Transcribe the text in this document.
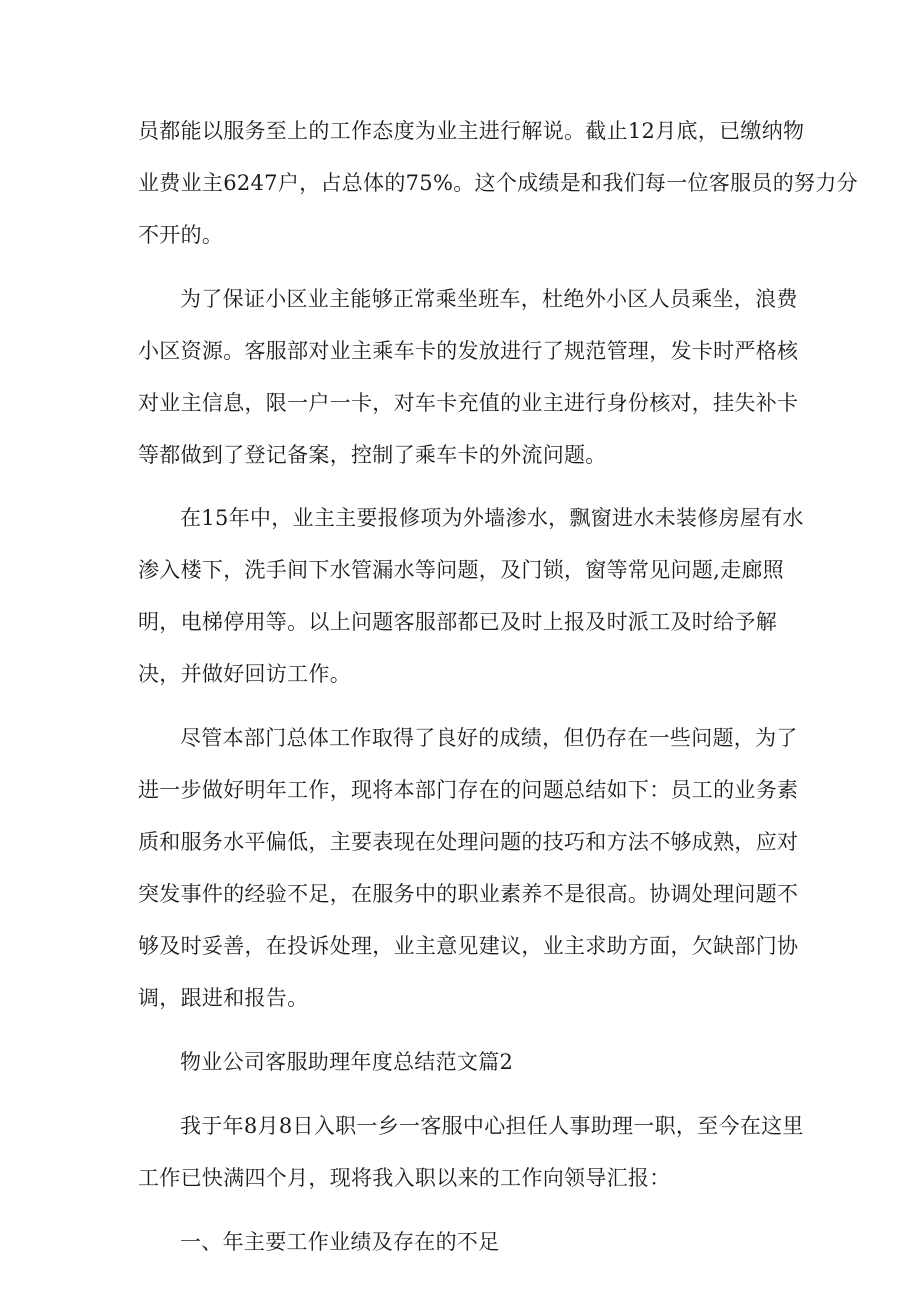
员都能以服务至上的工作态度为业主进行解说。截止12月底，已缴纳物
业费业主6247户，占总体的75%。这个成绩是和我们每一位客服员的努力分
不开的。
为了保证小区业主能够正常乘坐班车，杜绝外小区人员乘坐，浪费
小区资源。客服部对业主乘车卡的发放进行了规范管理，发卡时严格核
对业主信息，限一户一卡，对车卡充值的业主进行身份核对，挂失补卡
等都做到了登记备案，控制了乘车卡的外流问题。
在15年中，业主主要报修项为外墙渗水，飘窗进水未装修房屋有水
渗入楼下，洗手间下水管漏水等问题，及门锁，窗等常见问题,走廊照
明，电梯停用等。以上问题客服部都已及时上报及时派工及时给予解
决，并做好回访工作。
尽管本部门总体工作取得了良好的成绩，但仍存在一些问题，为了
进一步做好明年工作，现将本部门存在的问题总结如下：员工的业务素
质和服务水平偏低，主要表现在处理问题的技巧和方法不够成熟，应对
突发事件的经验不足，在服务中的职业素养不是很高。协调处理问题不
够及时妥善，在投诉处理，业主意见建议，业主求助方面，欠缺部门协
调，跟进和报告。
物业公司客服助理年度总结范文篇2
我于年8月8日入职一乡一客服中心担任人事助理一职，至今在这里
工作已快满四个月，现将我入职以来的工作向领导汇报：
一、年主要工作业绩及存在的不足
